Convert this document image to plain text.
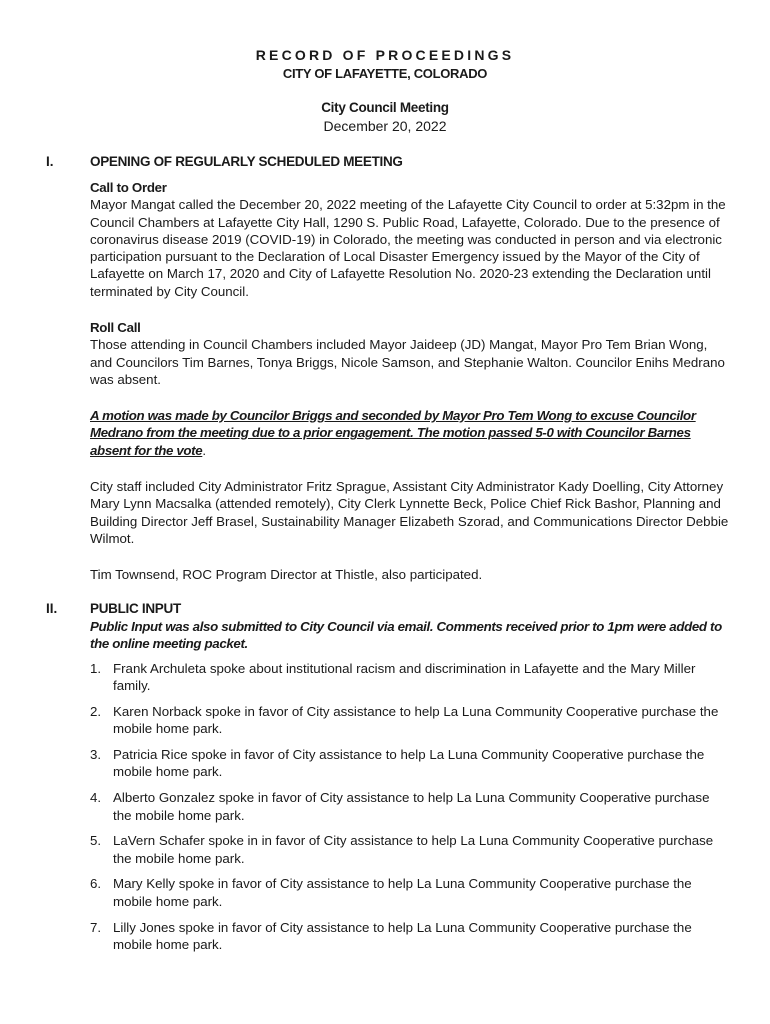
RECORD OF PROCEEDINGS
CITY OF LAFAYETTE, COLORADO
City Council Meeting
December 20, 2022
I.	OPENING OF REGULARLY SCHEDULED MEETING
Call to Order
Mayor Mangat called the December 20, 2022 meeting of the Lafayette City Council to order at 5:32pm in the Council Chambers at Lafayette City Hall, 1290 S. Public Road, Lafayette, Colorado. Due to the presence of coronavirus disease 2019 (COVID-19) in Colorado, the meeting was conducted in person and via electronic participation pursuant to the Declaration of Local Disaster Emergency issued by the Mayor of the City of Lafayette on March 17, 2020 and City of Lafayette Resolution No. 2020-23 extending the Declaration until terminated by City Council.
Roll Call
Those attending in Council Chambers included Mayor Jaideep (JD) Mangat, Mayor Pro Tem Brian Wong, and Councilors Tim Barnes, Tonya Briggs, Nicole Samson, and Stephanie Walton. Councilor Enihs Medrano was absent.
A motion was made by Councilor Briggs and seconded by Mayor Pro Tem Wong to excuse Councilor Medrano from the meeting due to a prior engagement. The motion passed 5-0 with Councilor Barnes absent for the vote.
City staff included City Administrator Fritz Sprague, Assistant City Administrator Kady Doelling, City Attorney Mary Lynn Macsalka (attended remotely), City Clerk Lynnette Beck, Police Chief Rick Bashor, Planning and Building Director Jeff Brasel, Sustainability Manager Elizabeth Szorad, and Communications Director Debbie Wilmot.
Tim Townsend, ROC Program Director at Thistle, also participated.
II. PUBLIC INPUT
Public Input was also submitted to City Council via email. Comments received prior to 1pm were added to the online meeting packet.
1. Frank Archuleta spoke about institutional racism and discrimination in Lafayette and the Mary Miller family.
2. Karen Norback spoke in favor of City assistance to help La Luna Community Cooperative purchase the mobile home park.
3. Patricia Rice spoke in favor of City assistance to help La Luna Community Cooperative purchase the mobile home park.
4. Alberto Gonzalez spoke in favor of City assistance to help La Luna Community Cooperative purchase the mobile home park.
5. LaVern Schafer spoke in in favor of City assistance to help La Luna Community Cooperative purchase the mobile home park.
6. Mary Kelly spoke in favor of City assistance to help La Luna Community Cooperative purchase the mobile home park.
7. Lilly Jones spoke in favor of City assistance to help La Luna Community Cooperative purchase the mobile home park.
